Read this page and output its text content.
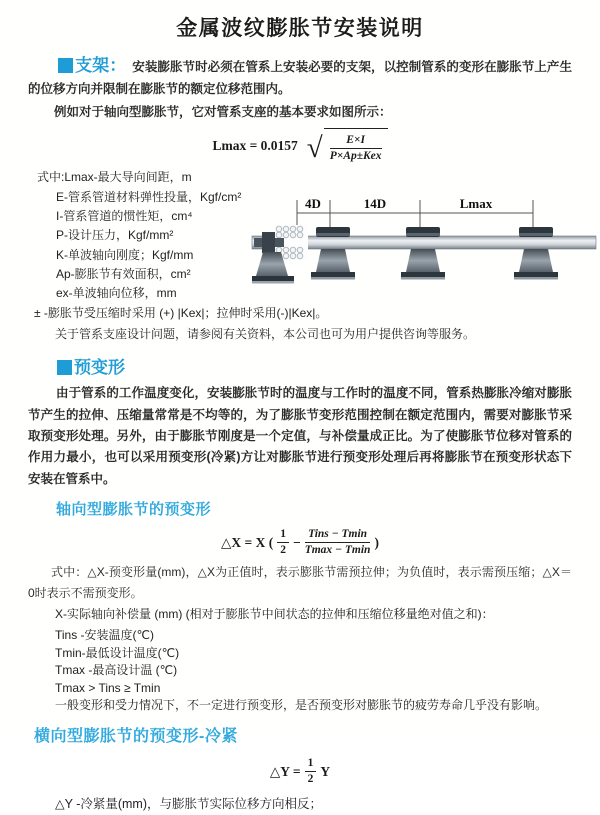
金属波纹膨胀节安装说明

支架： 安装膨胀节时必须在管系上安装必要的支架，以控制管系的变形在膨胀节上产生的位移方向并限制在膨胀节的额定位移范围内。

例如对于轴向型膨胀节，它对管系支座的基本要求如图所示：

Lmax = 0.0157 √ $\frac{E\times I}{\text{P×Ap±Kex}}$

式中:Lmax-最大导向间距，m

E-管系管道材料弹性投量，Kgf/cm²

I-管系管道的惯性矩，cm⁴

P-设计压力，Kgf/mm²

K-单波轴向刚度；Kgf/mm

Ap-膨胀节有效面积，cm²

ex-单波轴向位移，mm

4D	14D	Lmax

± -膨胀节受压缩时采用 (+) |Kex|；拉伸时采用(-)|Kex|。

关于管系支座设计问题，请参阅有关资料，本公司也可为用户提供咨询等服务。

预变形

由于管系的工作温度变化，安装膨胀节时的温度与工作时的温度不同，管系热膨胀冷缩对膨胀节产生的拉伸、压缩量常常是不均等的，为了膨胀节变形范围控制在额定范围内，需要对膨胀节采取预变形处理。另外，由于膨胀节刚度是一个定值，与补偿量成正比。为了使膨胀节位移对管系的作用力最小，也可以采用预变形(冷紧)方让对膨胀节进行预变形处理后再将膨胀节在预变形状态下安装在管系中。

轴向型膨胀节的预变形
△X = X ( $\frac{1}{2} - \frac{\text{Tins − Tmin}}{Tmax - Tmin}$ )

式中：△X-预变形量(mm)，△X为正值时，表示膨胀节需预拉伸；为负值时，表示需预压缩；△X＝0时表示不需预变形。

X-实际轴向补偿量 (mm) (相对于膨胀节中间状态的拉伸和压缩位移量绝对值之和)：

Tins -安装温度(℃)

Tmin-最低设计温度(℃)

Tmax -最高设计温 (℃)

Tmax > Tins ≥ Tmin

一般变形和受力情况下，不一定进行预变形，是否预变形对膨胀节的疲劳寿命几乎没有影响。

横向型膨胀节的预变形-冷紧
△Y = $\frac{1}{2}$ Y

△Y -冷紧量(mm)，与膨胀节实际位移方向相反；
